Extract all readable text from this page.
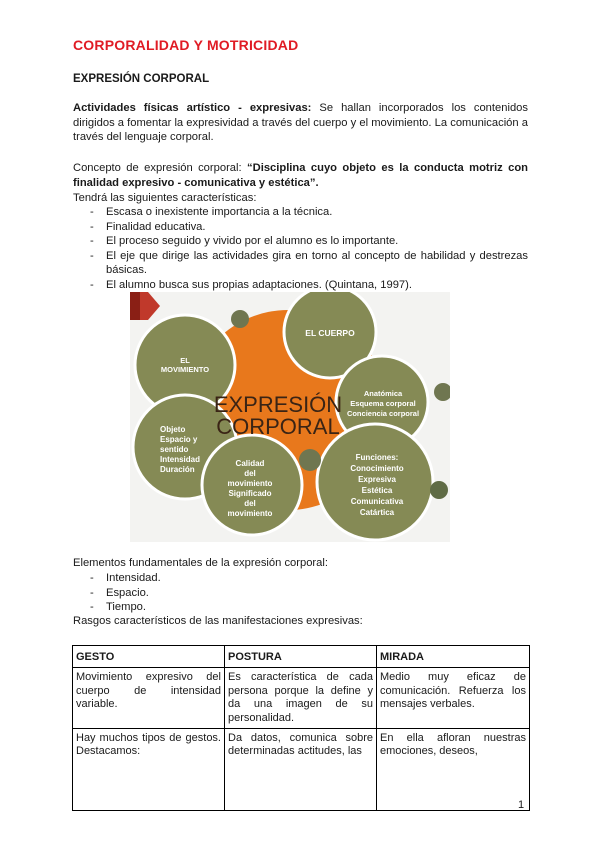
CORPORALIDAD Y MOTRICIDAD
EXPRESIÓN CORPORAL

Actividades físicas artístico - expresivas: Se hallan incorporados los contenidos dirigidos a fomentar la expresividad a través del cuerpo y el movimiento. La comunicación a través del lenguaje corporal.

Concepto de expresión corporal: “Disciplina cuyo objeto es la conducta motriz con finalidad expresivo - comunicativa y estética”.

Tendrá las siguientes características:

- Escasa o inexistente importancia a la técnica.
- Finalidad educativa.
- El proceso seguido y vivido por el alumno es lo importante.
- El eje que dirige las actividades gira en torno al concepto de habilidad y destrezas básicas.
- El alumno busca sus propias adaptaciones. (Quintana, 1997).
EXPRESIÓN
CORPORAL
EL CUERPO
EL
MOVIMIENTO
Anatómica
Esquema corporal
Conciencia corporal
Objeto
Espacio y
sentido
Intensidad
Duración
Calidad
del
movimiento
Significado
del
movimiento
Funciones:
Conocimiento
Expresiva
Estética
Comunicativa
Catártica

Elementos fundamentales de la expresión corporal:

- Intensidad.
- Espacio.
- Tiempo.

Rasgos característicos de las manifestaciones expresivas:

GESTO	POSTURA	MIRADA
Movimiento expresivo del cuerpo de intensidad variable.	Es característica de cada persona porque la define y da una imagen de su personalidad.	Medio muy eficaz de comunicación. Refuerza los mensajes verbales.

Hay muchos tipos de gestos. Destacamos:	Da datos, comunica sobre determinadas actitudes, las	En ella afloran nuestras emociones, deseos,
1
